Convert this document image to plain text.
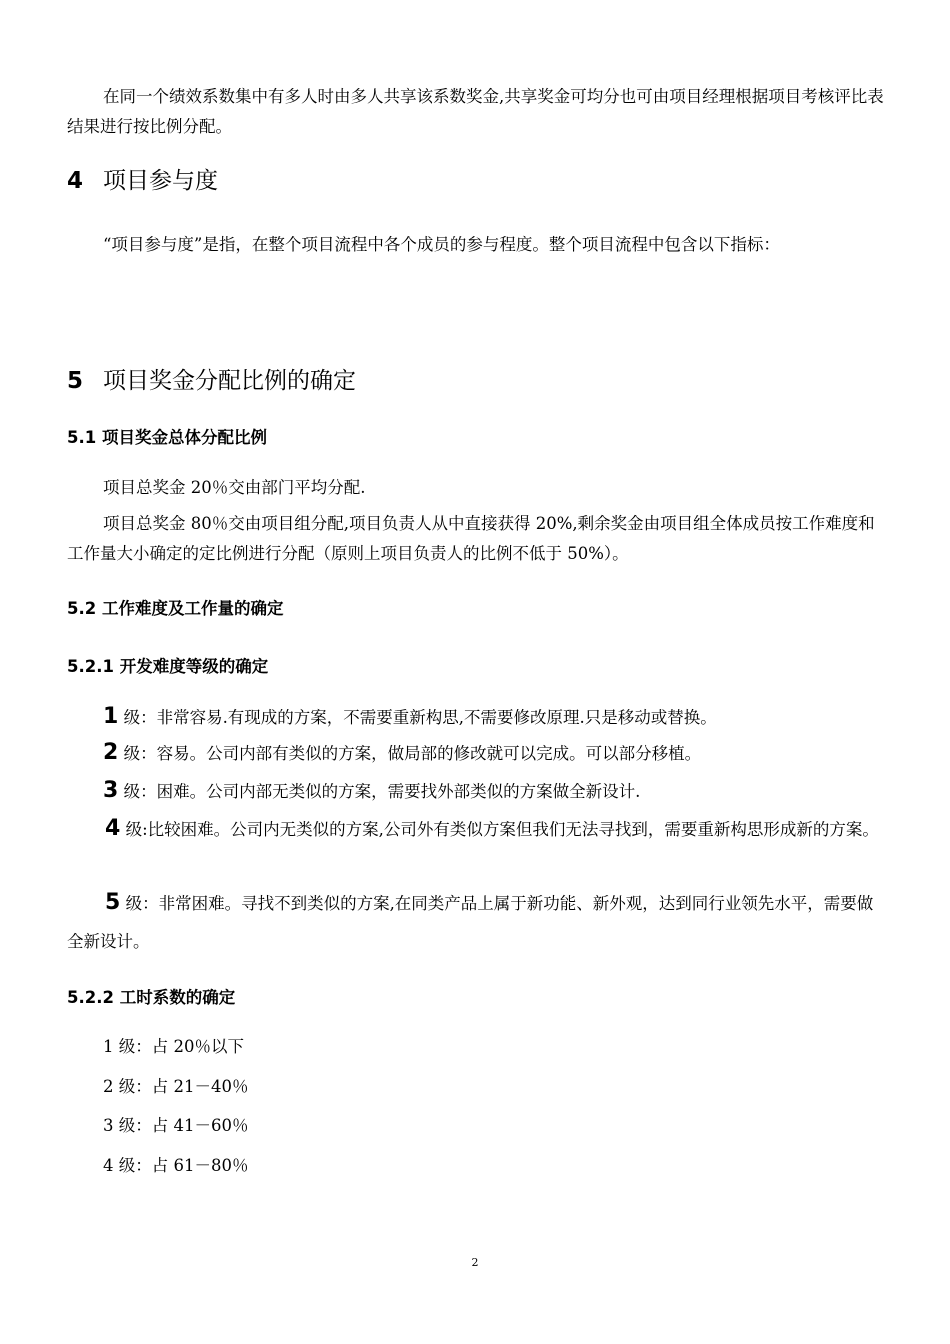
在同一个绩效系数集中有多人时由多人共享该系数奖金,共享奖金可均分也可由项目经理根据项目考核评比表结果进行按比例分配。

4 项目参与度

“项目参与度”是指，在整个项目流程中各个成员的参与程度。整个项目流程中包含以下指标：

5 项目奖金分配比例的确定
5.1 项目奖金总体分配比例

项目总奖金 20％交由部门平均分配.

项目总奖金 80％交由项目组分配,项目负责人从中直接获得 20%,剩余奖金由项目组全体成员按工作难度和工作量大小确定的定比例进行分配（原则上项目负责人的比例不低于 50%）。

5.2 工作难度及工作量的确定
5.2.1 开发难度等级的确定

1 级：非常容易.有现成的方案，不需要重新构思,不需要修改原理.只是移动或替换。

2 级：容易。公司内部有类似的方案，做局部的修改就可以完成。可以部分移植。

3 级：困难。公司内部无类似的方案，需要找外部类似的方案做全新设计.

4 级:比较困难。公司内无类似的方案,公司外有类似方案但我们无法寻找到，需要重新构思形成新的方案。

5 级：非常困难。寻找不到类似的方案,在同类产品上属于新功能、新外观，达到同行业领先水平，需要做全新设计。

5.2.2 工时系数的确定

1 级：占 20％以下

2 级：占 21－40％

3 级：占 41－60％

4 级：占 61－80％

2
